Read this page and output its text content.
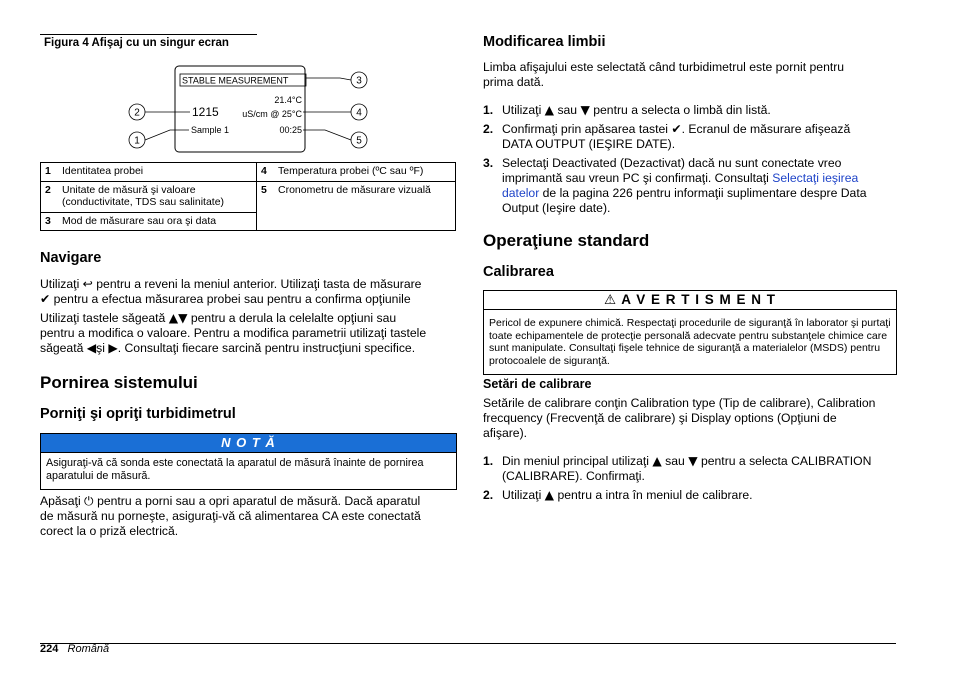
Figura 4 Afişaj cu un singur ecran
STABLE MEASUREMENT
1215
21.4°C
uS/cm @ 25°C
Sample 1	00:25
2
1
3
4
5
1	Identitatea probei	4	Temperatura probei (ºC sau ºF)
2	Unitate de măsură şi valoare (conductivitate, TDS sau salinitate)	5	Cronometru de măsurare vizuală
3	Mod de măsurare sau ora şi data		
Navigare
Utilizaţi ↩ pentru a reveni la meniul anterior. Utilizaţi tasta de măsurare
✔ pentru a efectua măsurarea probei sau pentru a confirma opţiunile
Utilizaţi tastele săgeată ▲▼ pentru a derula la celelalte opţiuni sau
pentru a modifica o valoare. Pentru a modifica parametrii utilizaţi tastele
săgeată ◀şi ▶. Consultaţi fiecare sarcină pentru instrucţiuni specifice.
Pornirea sistemului
Porniţi şi opriţi turbidimetrul
N O T Ă
Asiguraţi-vă că sonda este conectată la aparatul de măsură înainte de pornirea aparatului de măsură.
Apăsaţi ⏻ pentru a porni sau a opri aparatul de măsură. Dacă aparatul
de măsură nu porneşte, asiguraţi-vă că alimentarea CA este conectată
corect la o priză electrică.
Modificarea limbii
Limba afişajului este selectată când turbidimetrul este pornit pentru
prima dată.
1. Utilizaţi ▲ sau ▼ pentru a selecta o limbă din listă.
2. Confirmaţi prin apăsarea tastei ✔. Ecranul de măsurare afişează
DATA OUTPUT (IEŞIRE DATE).
3. Selectaţi Deactivated (Dezactivat) dacă nu sunt conectate vreo
imprimantă sau vreun PC şi confirmaţi. Consultaţi Selectaţi ieşirea
datelor de la pagina 226 pentru informaţii suplimentare despre Data
Output (Ieşire date).
Operaţiune standard
Calibrarea
⚠ A V E R T I S M E N T
Pericol de expunere chimică. Respectaţi procedurile de siguranţă în laborator şi purtaţi toate echipamentele de protecţie personală adecvate pentru substanţele chimice care sunt manipulate. Consultaţi fişele tehnice de siguranţă a materialelor (MSDS) pentru protocoalele de siguranţă.
Setări de calibrare
Setările de calibrare conţin Calibration type (Tip de calibrare), Calibration
frecquency (Frecvenţă de calibrare) şi Display options (Opţiuni de
afişare).
1. Din meniul principal utilizaţi ▲ sau ▼ pentru a selecta CALIBRATION
(CALIBRARE). Confirmaţi.
2. Utilizaţi ▲ pentru a intra în meniul de calibrare.
224 Română
